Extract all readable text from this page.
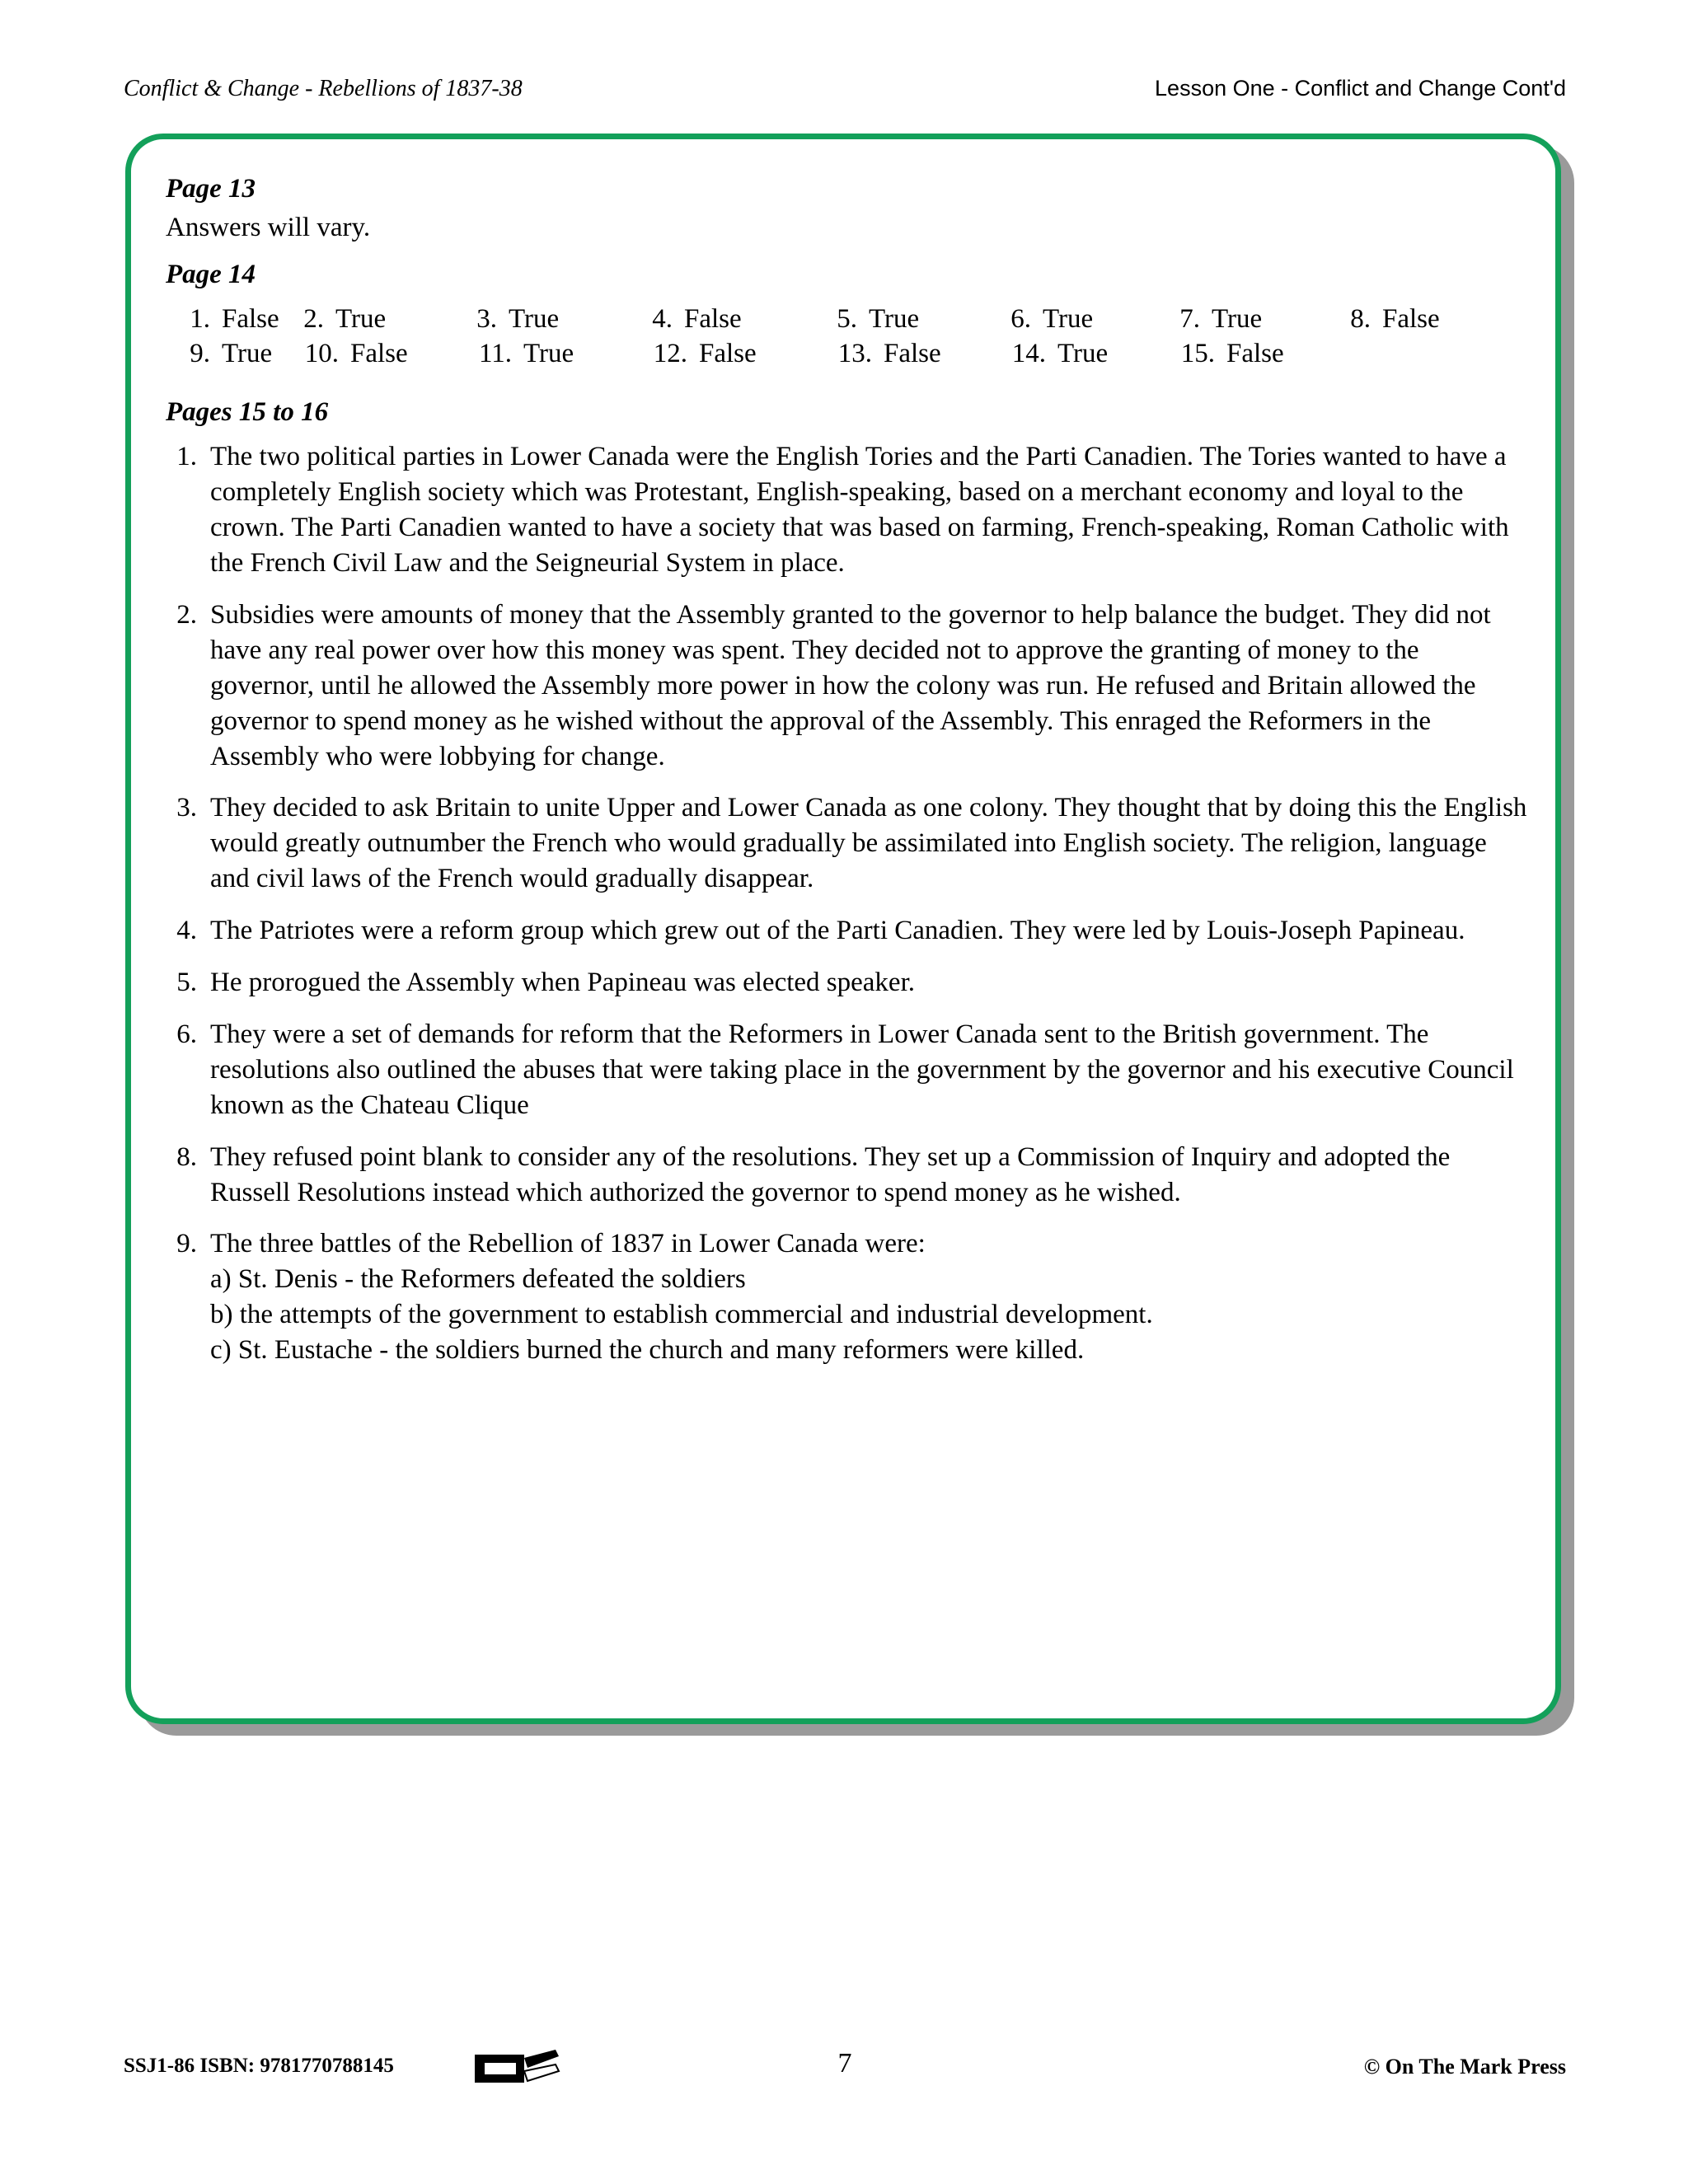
Conflict & Change - Rebellions of 1837-38	Lesson One - Conflict and Change Cont'd
Page 13
Answers will vary.
Page 14
1. False 2. True	3. True	4. False	5. True	6. True	7. True	8. False
9. True	10. False	11. True	12. False	13. False	14. True	15. False
Pages 15 to 16
1. The two political parties in Lower Canada were the English Tories and the Parti Canadien. The Tories wanted to have a completely English society which was Protestant, English-speaking, based on a merchant economy and loyal to the crown. The Parti Canadien wanted to have a society that was based on farming, French-speaking, Roman Catholic with the French Civil Law and the Seigneurial System in place.
2. Subsidies were amounts of money that the Assembly granted to the governor to help balance the budget. They did not have any real power over how this money was spent. They decided not to approve the granting of money to the governor, until he allowed the Assembly more power in how the colony was run. He refused and Britain allowed the governor to spend money as he wished without the approval of the Assembly. This enraged the Reformers in the Assembly who were lobbying for change.
3. They decided to ask Britain to unite Upper and Lower Canada as one colony. They thought that by doing this the English would greatly outnumber the French who would gradually be assimilated into English society. The religion, language and civil laws of the French would gradually disappear.
4. The Patriotes were a reform group which grew out of the Parti Canadien. They were led by Louis-Joseph Papineau.
5. He prorogued the Assembly when Papineau was elected speaker.
6. They were a set of demands for reform that the Reformers in Lower Canada sent to the British government. The resolutions also outlined the abuses that were taking place in the government by the governor and his executive Council known as the Chateau Clique
8. They refused point blank to consider any of the resolutions. They set up a Commission of Inquiry and adopted the Russell Resolutions instead which authorized the governor to spend money as he wished.
9. The three battles of the Rebellion of 1837 in Lower Canada were:
a) St. Denis - the Reformers defeated the soldiers
b) the attempts of the government to establish commercial and industrial development.
c) St. Eustache - the soldiers burned the church and many reformers were killed.
SSJ1-86 ISBN: 9781770788145	7	© On The Mark Press
